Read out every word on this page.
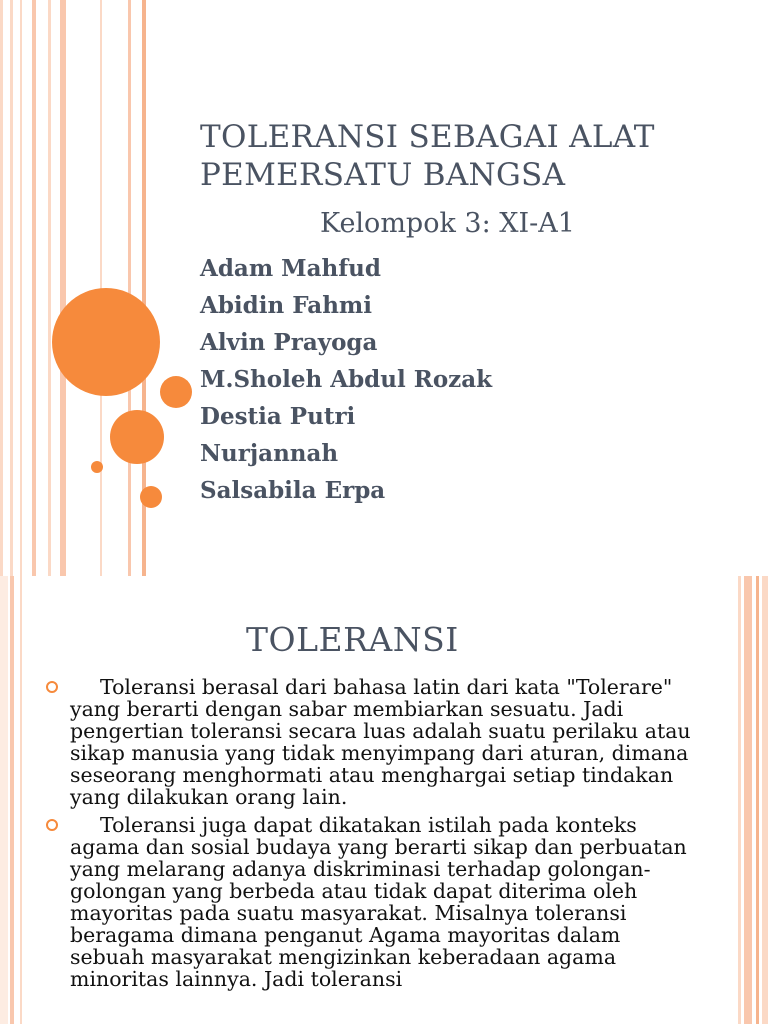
TOLERANSI SEBAGAI ALAT PEMERSATU BANGSA
Kelompok 3: XI-A1
Adam Mahfud
Abidin Fahmi
Alvin Prayoga
M.Sholeh Abdul Rozak
Destia Putri
Nurjannah
Salsabila Erpa
TOLERANSI

Toleransi berasal dari bahasa latin dari kata "Tolerare" yang berarti dengan sabar membiarkan sesuatu. Jadi pengertian toleransi secara luas adalah suatu perilaku atau sikap manusia yang tidak menyimpang dari aturan, dimana seseorang menghormati atau menghargai setiap tindakan yang dilakukan orang lain.

Toleransi juga dapat dikatakan istilah pada konteks agama dan sosial budaya yang berarti sikap dan perbuatan yang melarang adanya diskriminasi terhadap golongan-golongan yang berbeda atau tidak dapat diterima oleh mayoritas pada suatu masyarakat. Misalnya toleransi beragama dimana penganut Agama mayoritas dalam sebuah masyarakat mengizinkan keberadaan agama minoritas lainnya. Jadi toleransi
